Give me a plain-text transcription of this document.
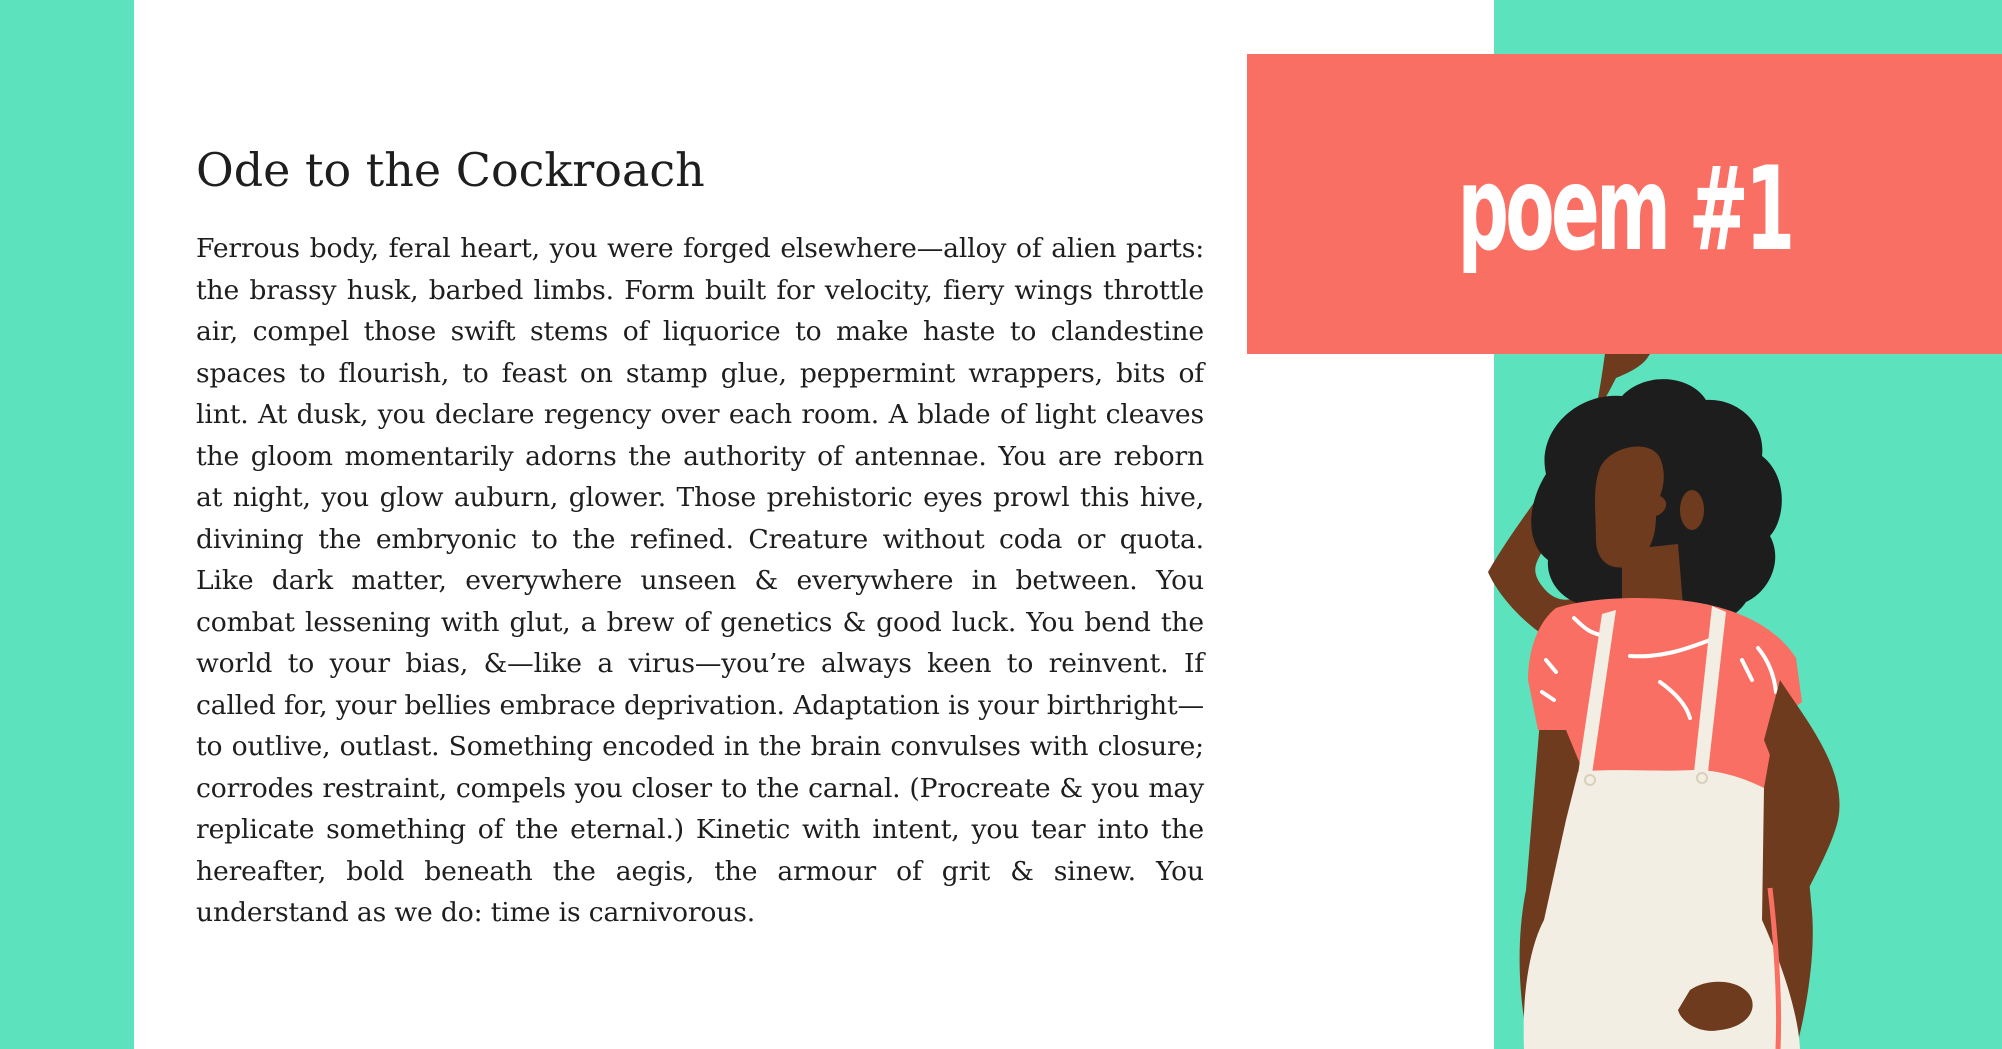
Ode to the Cockroach

Ferrous body, feral heart, you were forged elsewhere—alloy of alien parts: the brassy husk, barbed limbs. Form built for velocity, fiery wings throttle air, compel those swift stems of liquorice to make haste to clandestine spaces to flourish, to feast on stamp glue, peppermint wrappers, bits of lint. At dusk, you declare regency over each room. A blade of light cleaves the gloom momentarily adorns the authority of antennae. You are reborn at night, you glow auburn, glower. Those prehistoric eyes prowl this hive, divining the embryonic to the refined. Creature without coda or quota. Like dark matter, everywhere unseen & everywhere in between. You combat lessening with glut, a brew of genetics & good luck. You bend the world to your bias, &—like a virus—you’re always keen to reinvent. If called for, your bellies embrace deprivation. Adaptation is your birthright—to outlive, outlast. Something encoded in the brain convulses with closure; corrodes restraint, compels you closer to the carnal. (Procreate & you may replicate something of the eternal.) Kinetic with intent, you tear into the hereafter, bold beneath the aegis, the armour of grit & sinew. You understand as we do: time is carnivorous.

poem #1
